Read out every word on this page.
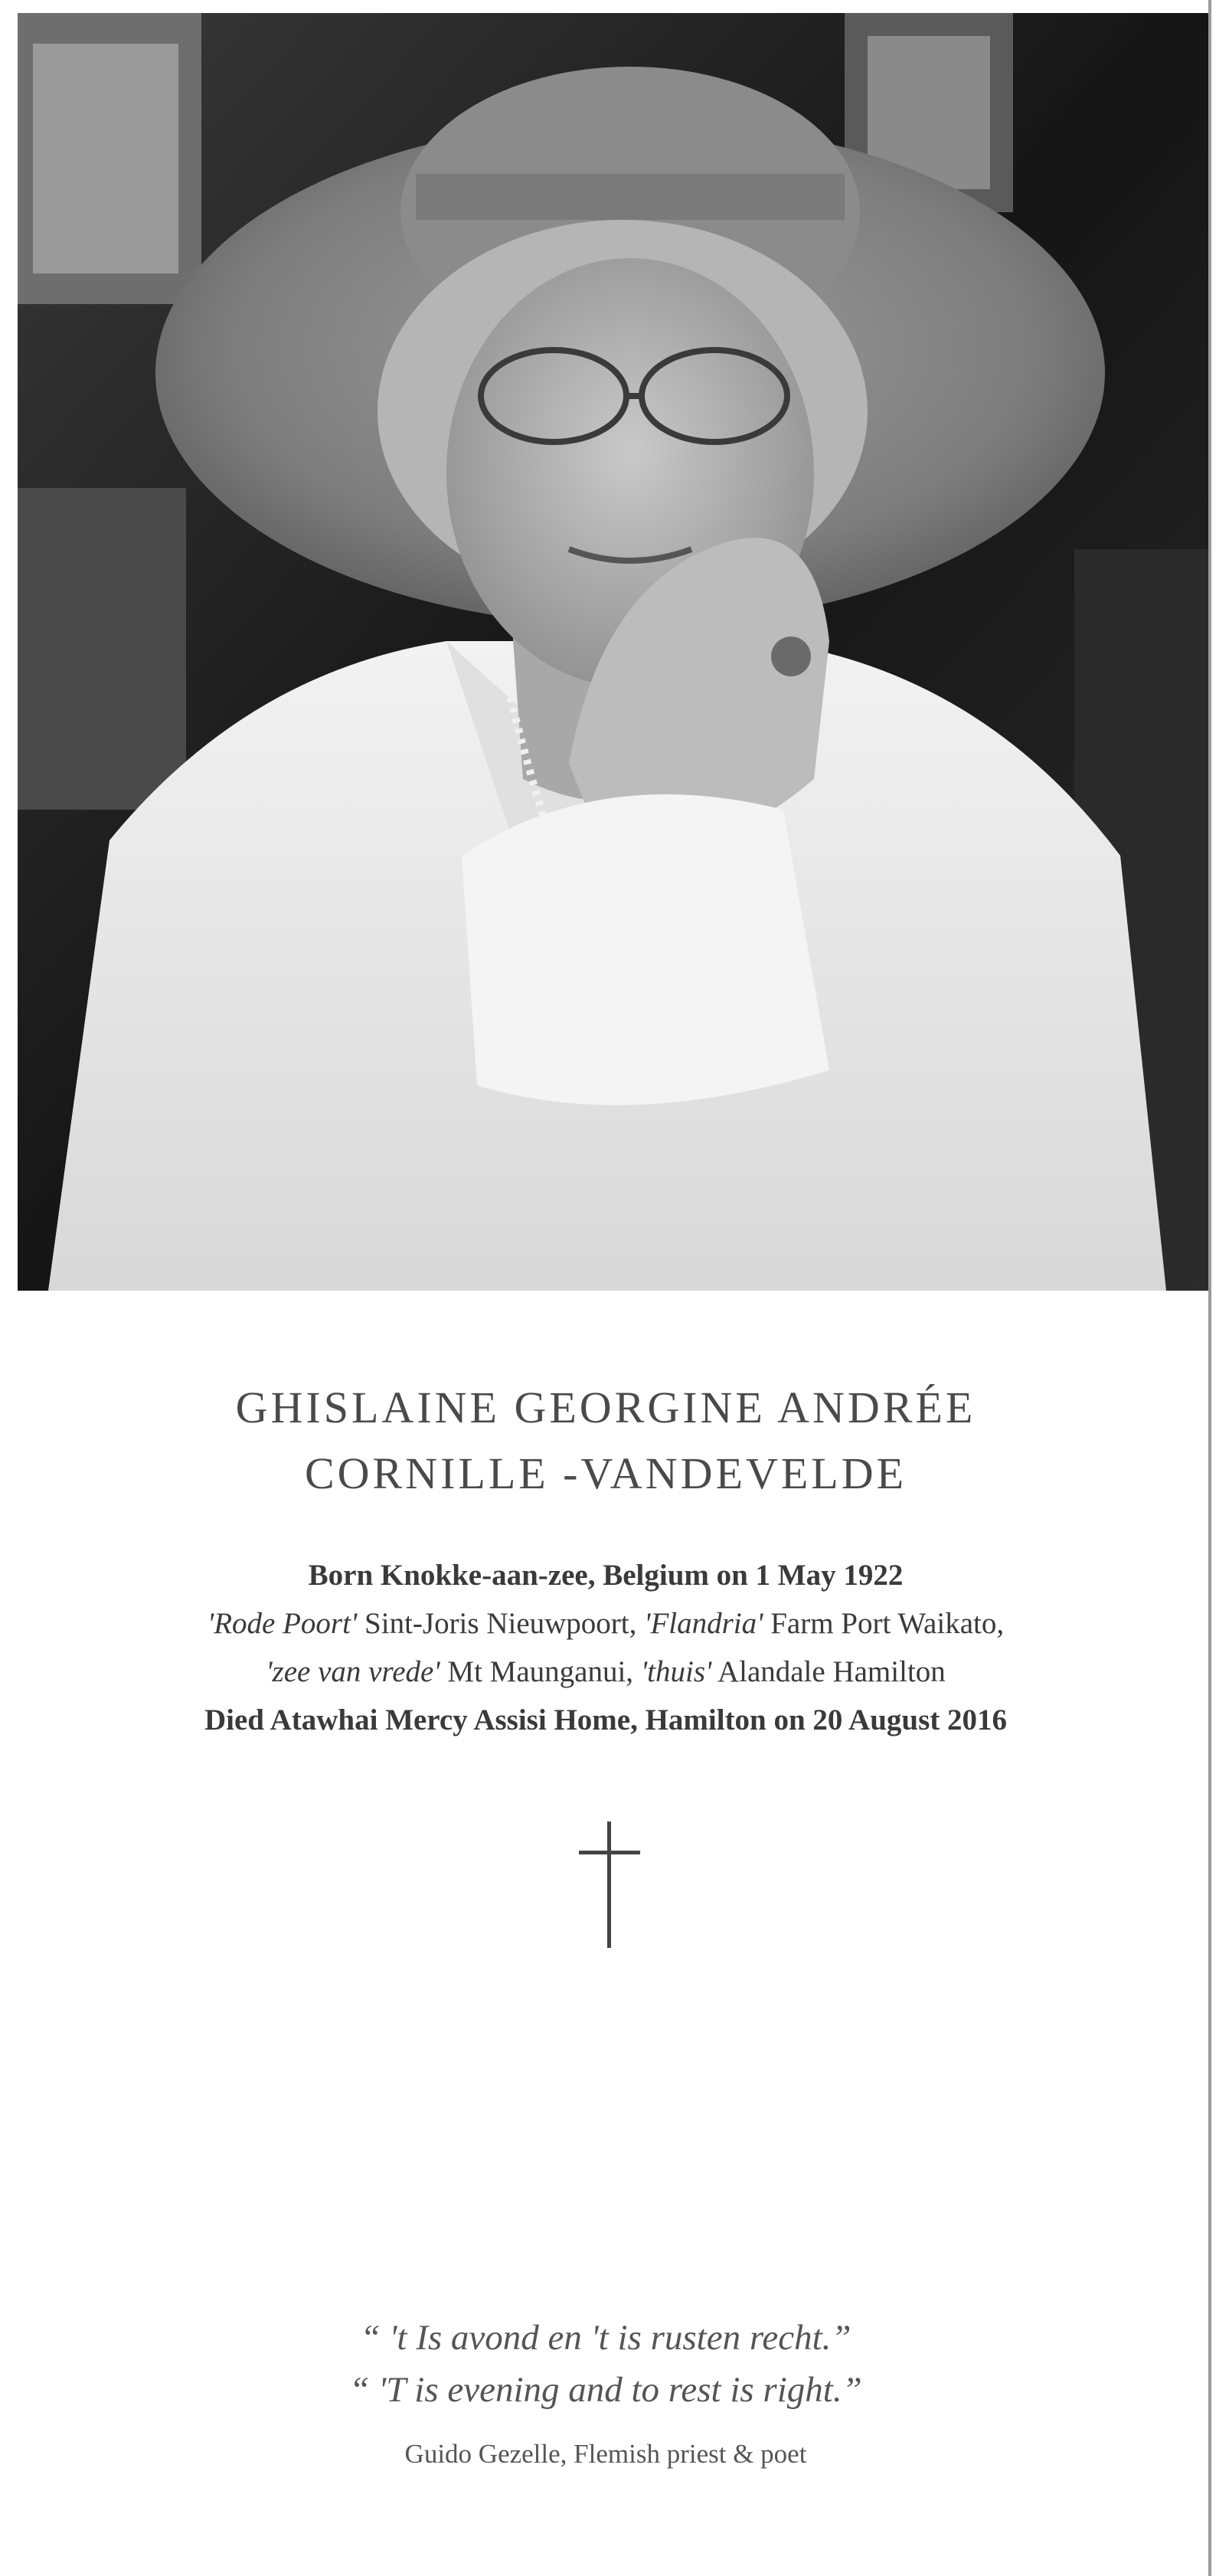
GHISLAINE GEORGINE ANDRÉE
CORNILLE -VANDEVELDE
Born Knokke-aan-zee, Belgium on 1 May 1922
'Rode Poort' Sint-Joris Nieuwpoort, 'Flandria' Farm Port Waikato,
'zee van vrede' Mt Maunganui, 'thuis' Alandale Hamilton
Died Atawhai Mercy Assisi Home, Hamilton on 20 August 2016
“ 't Is avond en 't is rusten recht.”
“ 'T is evening and to rest is right.”
Guido Gezelle, Flemish priest & poet
